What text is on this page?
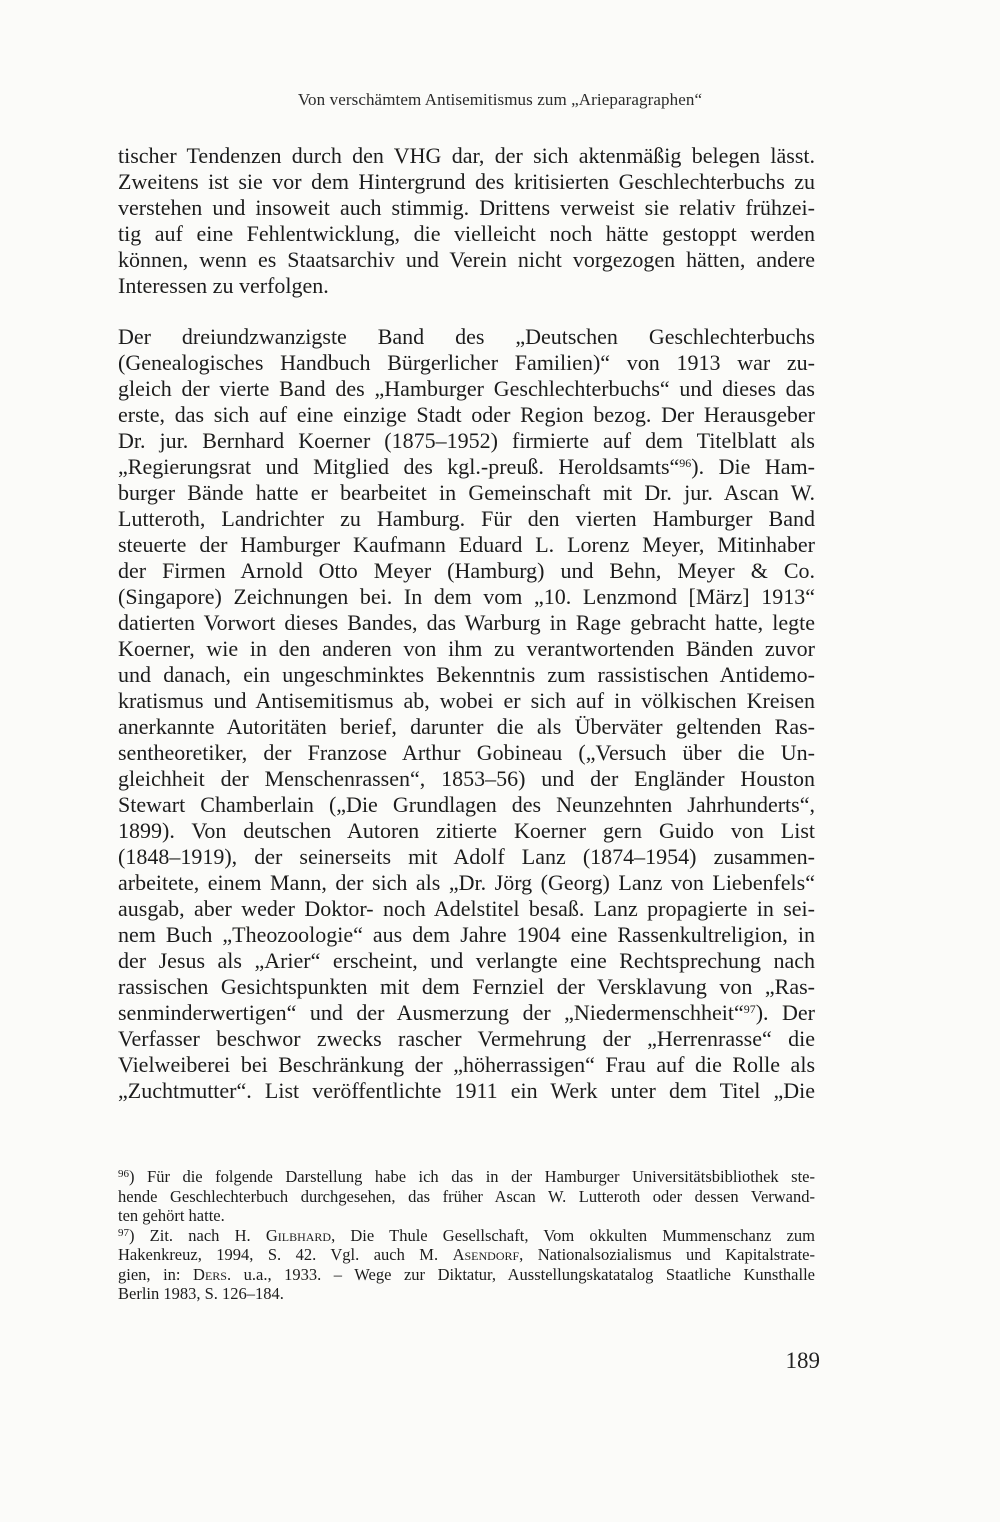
Von verschämtem Antisemitismus zum „Arieparagraphen“
tischer Tendenzen durch den VHG dar, der sich aktenmäßig belegen lässt.
Zweitens ist sie vor dem Hintergrund des kritisierten Geschlechterbuchs zu
verstehen und insoweit auch stimmig. Drittens verweist sie relativ frühzei-
tig auf eine Fehlentwicklung, die vielleicht noch hätte gestoppt werden
können, wenn es Staatsarchiv und Verein nicht vorgezogen hätten, andere
Interessen zu verfolgen.
Der dreiundzwanzigste Band des „Deutschen Geschlechterbuchs
(Genealogisches Handbuch Bürgerlicher Familien)“ von 1913 war zu-
gleich der vierte Band des „Hamburger Geschlechterbuchs“ und dieses das
erste, das sich auf eine einzige Stadt oder Region bezog. Der Herausgeber
Dr. jur. Bernhard Koerner (1875–1952) firmierte auf dem Titelblatt als
„Regierungsrat und Mitglied des kgl.-preuß. Heroldsamts“$^{96}$). Die Ham-
burger Bände hatte er bearbeitet in Gemeinschaft mit Dr. jur. Ascan W.
Lutteroth, Landrichter zu Hamburg. Für den vierten Hamburger Band
steuerte der Hamburger Kaufmann Eduard L. Lorenz Meyer, Mitinhaber
der Firmen Arnold Otto Meyer (Hamburg) und Behn, Meyer & Co.
(Singapore) Zeichnungen bei. In dem vom „10. Lenzmond [März] 1913“
datierten Vorwort dieses Bandes, das Warburg in Rage gebracht hatte, legte
Koerner, wie in den anderen von ihm zu verantwortenden Bänden zuvor
und danach, ein ungeschminktes Bekenntnis zum rassistischen Antidemo-
kratismus und Antisemitismus ab, wobei er sich auf in völkischen Kreisen
anerkannte Autoritäten berief, darunter die als Überväter geltenden Ras-
sentheoretiker, der Franzose Arthur Gobineau („Versuch über die Un-
gleichheit der Menschenrassen“, 1853–56) und der Engländer Houston
Stewart Chamberlain („Die Grundlagen des Neunzehnten Jahrhunderts“,
1899). Von deutschen Autoren zitierte Koerner gern Guido von List
(1848–1919), der seinerseits mit Adolf Lanz (1874–1954) zusammen-
arbeitete, einem Mann, der sich als „Dr. Jörg (Georg) Lanz von Liebenfels“
ausgab, aber weder Doktor- noch Adelstitel besaß. Lanz propagierte in sei-
nem Buch „Theozoologie“ aus dem Jahre 1904 eine Rassenkultreligion, in
der Jesus als „Arier“ erscheint, und verlangte eine Rechtsprechung nach
rassischen Gesichtspunkten mit dem Fernziel der Versklavung von „Ras-
senminderwertigen“ und der Ausmerzung der „Niedermenschheit“$^{97}$). Der
Verfasser beschwor zwecks rascher Vermehrung der „Herrenrasse“ die
Vielweiberei bei Beschränkung der „höherrassigen“ Frau auf die Rolle als
„Zuchtmutter“. List veröffentlichte 1911 ein Werk unter dem Titel „Die
$^{96}$) Für die folgende Darstellung habe ich das in der Hamburger Universitätsbibliothek ste-
hende Geschlechterbuch durchgesehen, das früher Ascan W. Lutteroth oder dessen Verwand-
ten gehört hatte.
$^{97}$) Zit. nach H. Gilbhard, Die Thule Gesellschaft, Vom okkulten Mummenschanz zum
Hakenkreuz, 1994, S. 42. Vgl. auch M. Asendorf, Nationalsozialismus und Kapitalstrate-
gien, in: Ders. u.a., 1933. – Wege zur Diktatur, Ausstellungskatatalog Staatliche Kunsthalle
Berlin 1983, S. 126–184.
189
